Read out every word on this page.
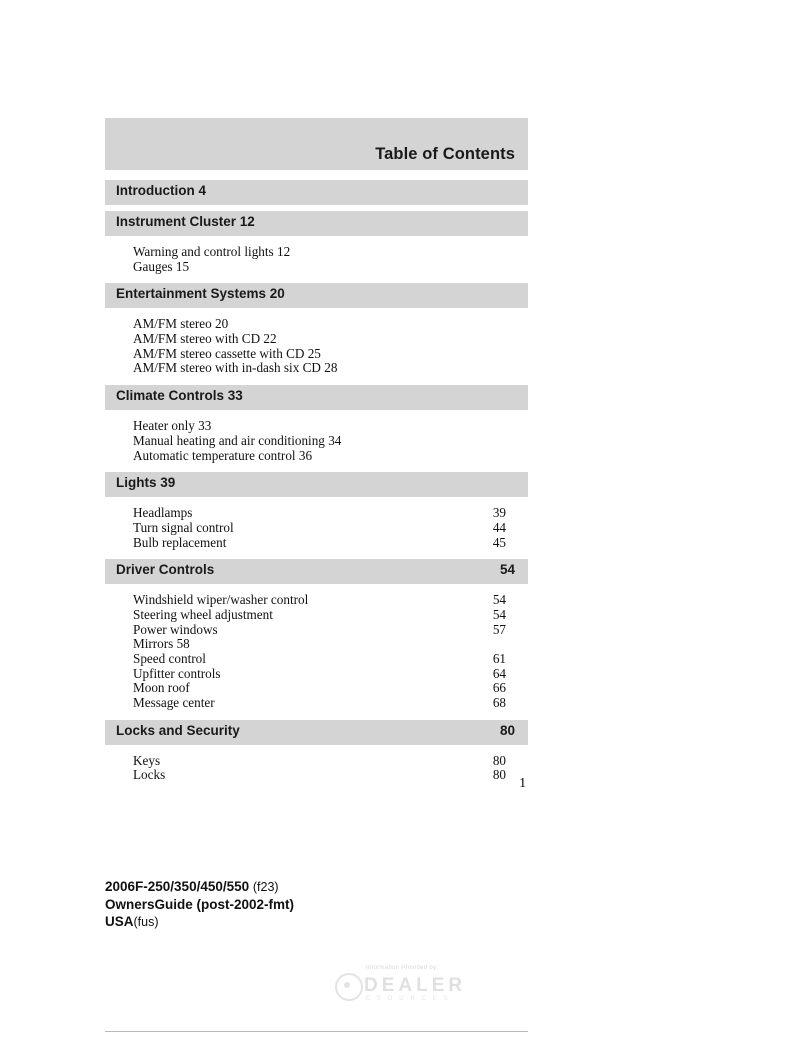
Table of Contents
Introduction 4
Instrument Cluster 12
Warning and control lights 12
Gauges 15
Entertainment Systems 20
AM/FM stereo 20
AM/FM stereo with CD 22
AM/FM stereo cassette with CD 25
AM/FM stereo with in-dash six CD 28
Climate Controls 33
Heater only 33
Manual heating and air conditioning 34
Automatic temperature control 36
Lights 39
Headlamps	39
Turn signal control	44
Bulb replacement	45
Driver Controls	54
Windshield wiper/washer control	54
Steering wheel adjustment	54
Power windows	57
Mirrors 58
Speed control	61
Upfitter controls	64
Moon roof	66
Message center	68
Locks and Security	80
Keys	80
Locks	80
1
2006F-250/350/450/550 (f23)
OwnersGuide (post-2002-fmt)
USA(fus)
Information Provided by:
DEALER
E S O U R C E S
